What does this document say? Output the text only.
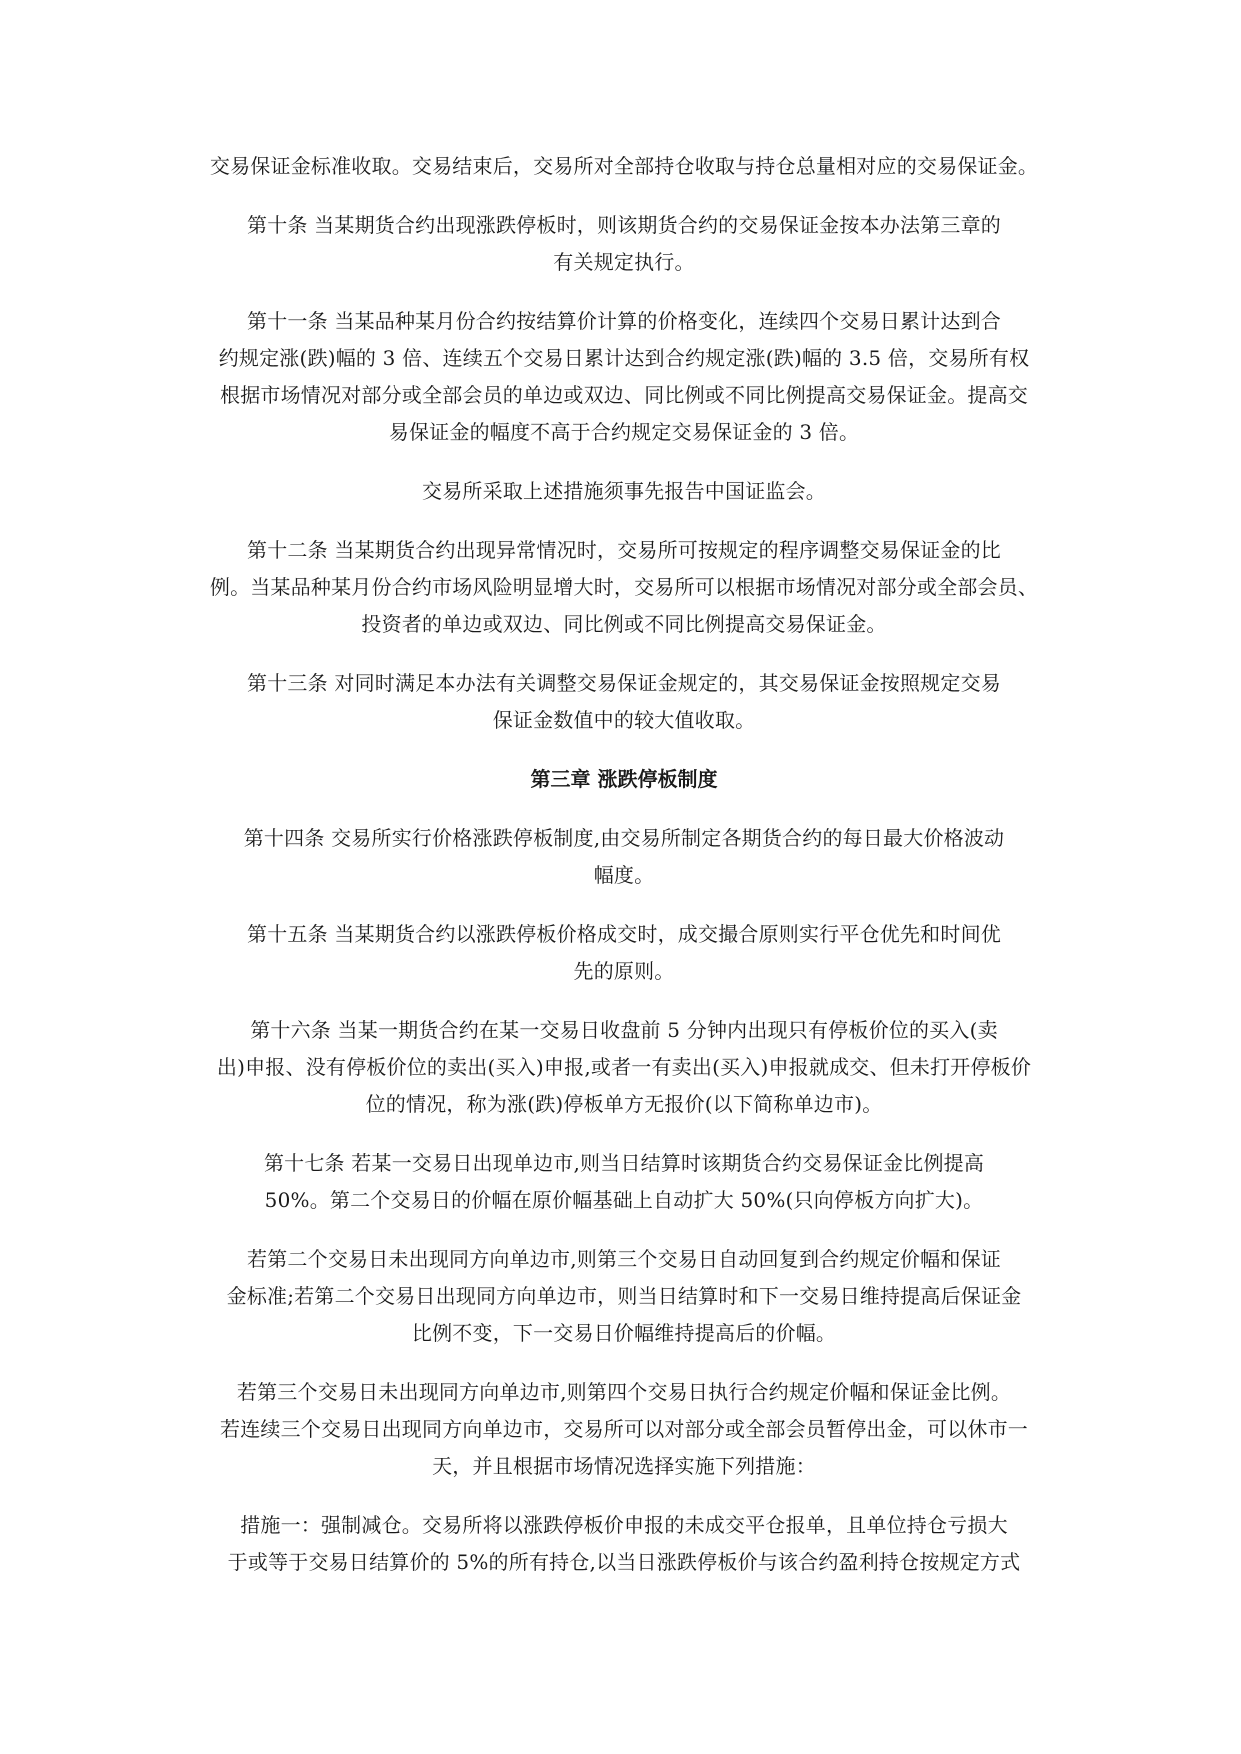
交易保证金标准收取。交易结束后，交易所对全部持仓收取与持仓总量相对应的交易保证金。

第十条 当某期货合约出现涨跌停板时，则该期货合约的交易保证金按本办法第三章的
有关规定执行。

第十一条 当某品种某月份合约按结算价计算的价格变化，连续四个交易日累计达到合
约规定涨(跌)幅的 3 倍、连续五个交易日累计达到合约规定涨(跌)幅的 3.5 倍，交易所有权
根据市场情况对部分或全部会员的单边或双边、同比例或不同比例提高交易保证金。提高交
易保证金的幅度不高于合约规定交易保证金的 3 倍。

交易所采取上述措施须事先报告中国证监会。

第十二条 当某期货合约出现异常情况时，交易所可按规定的程序调整交易保证金的比
例。当某品种某月份合约市场风险明显增大时，交易所可以根据市场情况对部分或全部会员、
投资者的单边或双边、同比例或不同比例提高交易保证金。

第十三条 对同时满足本办法有关调整交易保证金规定的，其交易保证金按照规定交易
保证金数值中的较大值收取。

第三章 涨跌停板制度

第十四条 交易所实行价格涨跌停板制度,由交易所制定各期货合约的每日最大价格波动
幅度。

第十五条 当某期货合约以涨跌停板价格成交时，成交撮合原则实行平仓优先和时间优
先的原则。

第十六条 当某一期货合约在某一交易日收盘前 5 分钟内出现只有停板价位的买入(卖
出)申报、没有停板价位的卖出(买入)申报,或者一有卖出(买入)申报就成交、但未打开停板价
位的情况，称为涨(跌)停板单方无报价(以下简称单边市)。

第十七条 若某一交易日出现单边市,则当日结算时该期货合约交易保证金比例提高
50%。第二个交易日的价幅在原价幅基础上自动扩大 50%(只向停板方向扩大)。

若第二个交易日未出现同方向单边市,则第三个交易日自动回复到合约规定价幅和保证
金标准;若第二个交易日出现同方向单边市，则当日结算时和下一交易日维持提高后保证金
比例不变，下一交易日价幅维持提高后的价幅。

若第三个交易日未出现同方向单边市,则第四个交易日执行合约规定价幅和保证金比例。
若连续三个交易日出现同方向单边市，交易所可以对部分或全部会员暂停出金，可以休市一
天，并且根据市场情况选择实施下列措施：

措施一：强制减仓。交易所将以涨跌停板价申报的未成交平仓报单，且单位持仓亏损大
于或等于交易日结算价的 5%的所有持仓,以当日涨跌停板价与该合约盈利持仓按规定方式
